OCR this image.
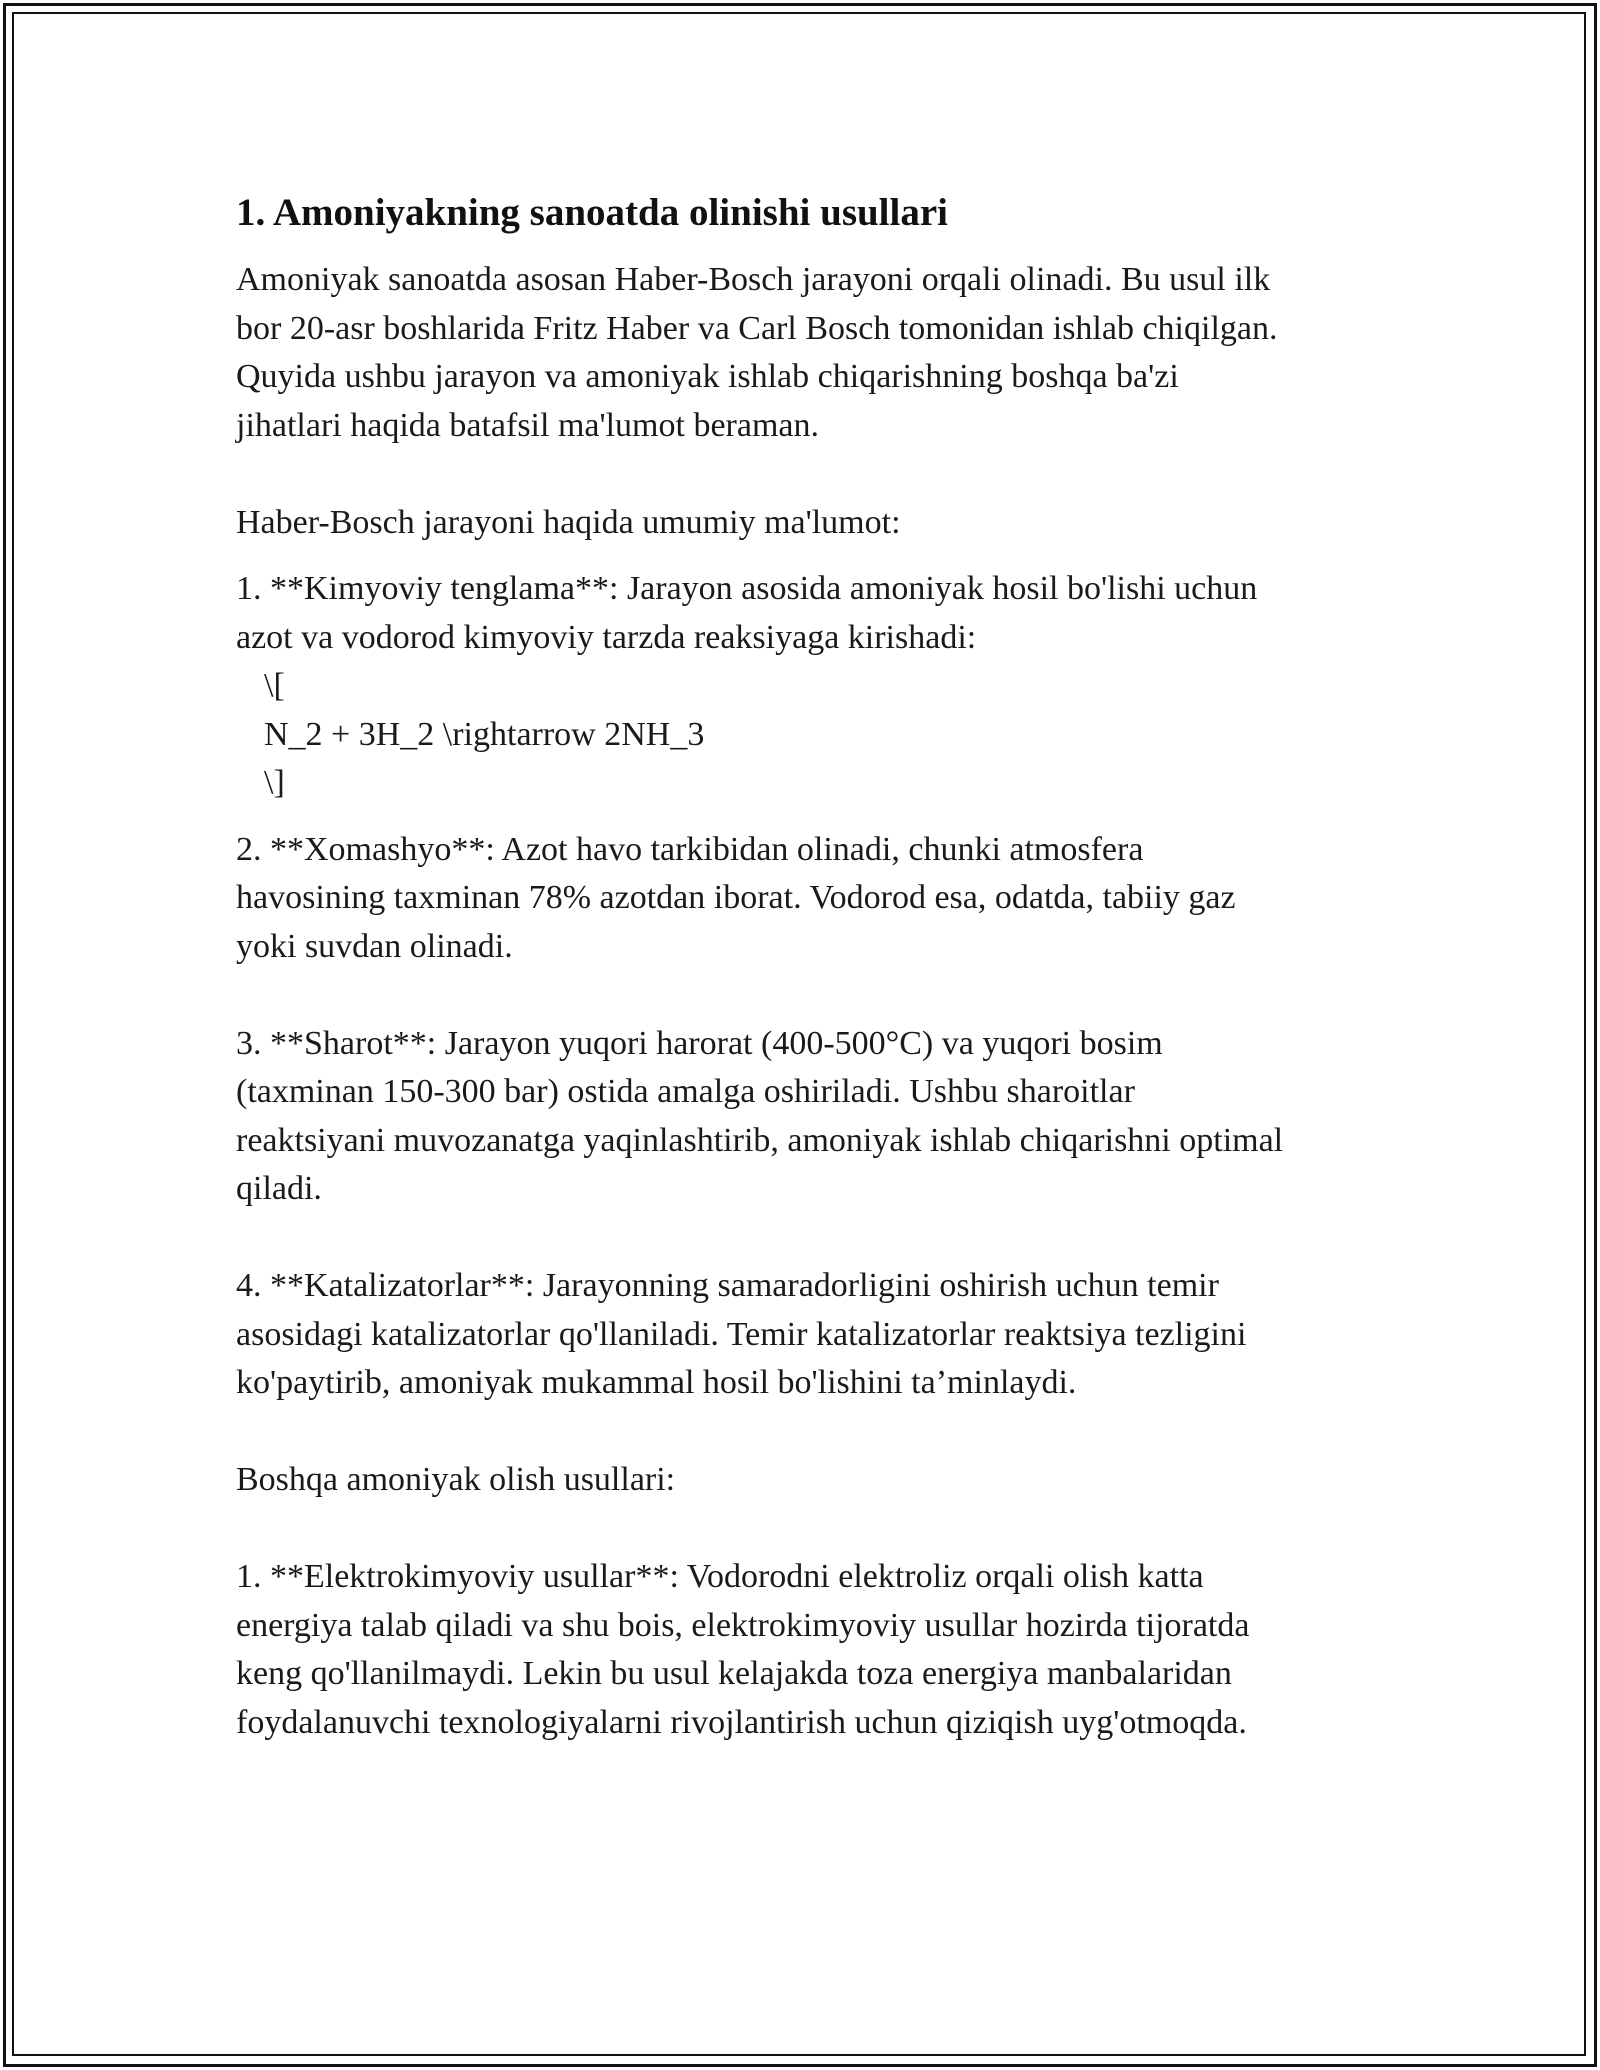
1. Amoniyakning sanoatda olinishi usullari

Amoniyak sanoatda asosan Haber-Bosch jarayoni orqali olinadi. Bu usul ilk
bor 20-asr boshlarida Fritz Haber va Carl Bosch tomonidan ishlab chiqilgan.
Quyida ushbu jarayon va amoniyak ishlab chiqarishning boshqa ba'zi
jihatlari haqida batafsil ma'lumot beraman.

Haber-Bosch jarayoni haqida umumiy ma'lumot:

1. **Kimyoviy tenglama**: Jarayon asosida amoniyak hosil bo'lishi uchun
azot va vodorod kimyoviy tarzda reaksiyaga kirishadi:

\[
N_2 + 3H_2 \rightarrow 2NH_3
\]

2. **Xomashyo**: Azot havo tarkibidan olinadi, chunki atmosfera
havosining taxminan 78% azotdan iborat. Vodorod esa, odatda, tabiiy gaz
yoki suvdan olinadi.

3. **Sharot**: Jarayon yuqori harorat (400-500°C) va yuqori bosim
(taxminan 150-300 bar) ostida amalga oshiriladi. Ushbu sharoitlar
reaktsiyani muvozanatga yaqinlashtirib, amoniyak ishlab chiqarishni optimal
qiladi.

4. **Katalizatorlar**: Jarayonning samaradorligini oshirish uchun temir
asosidagi katalizatorlar qo'llaniladi. Temir katalizatorlar reaktsiya tezligini
ko'paytirib, amoniyak mukammal hosil bo'lishini ta’minlaydi.

Boshqa amoniyak olish usullari:

1. **Elektrokimyoviy usullar**: Vodorodni elektroliz orqali olish katta
energiya talab qiladi va shu bois, elektrokimyoviy usullar hozirda tijoratda
keng qo'llanilmaydi. Lekin bu usul kelajakda toza energiya manbalaridan
foydalanuvchi texnologiyalarni rivojlantirish uchun qiziqish uyg'otmoqda.
